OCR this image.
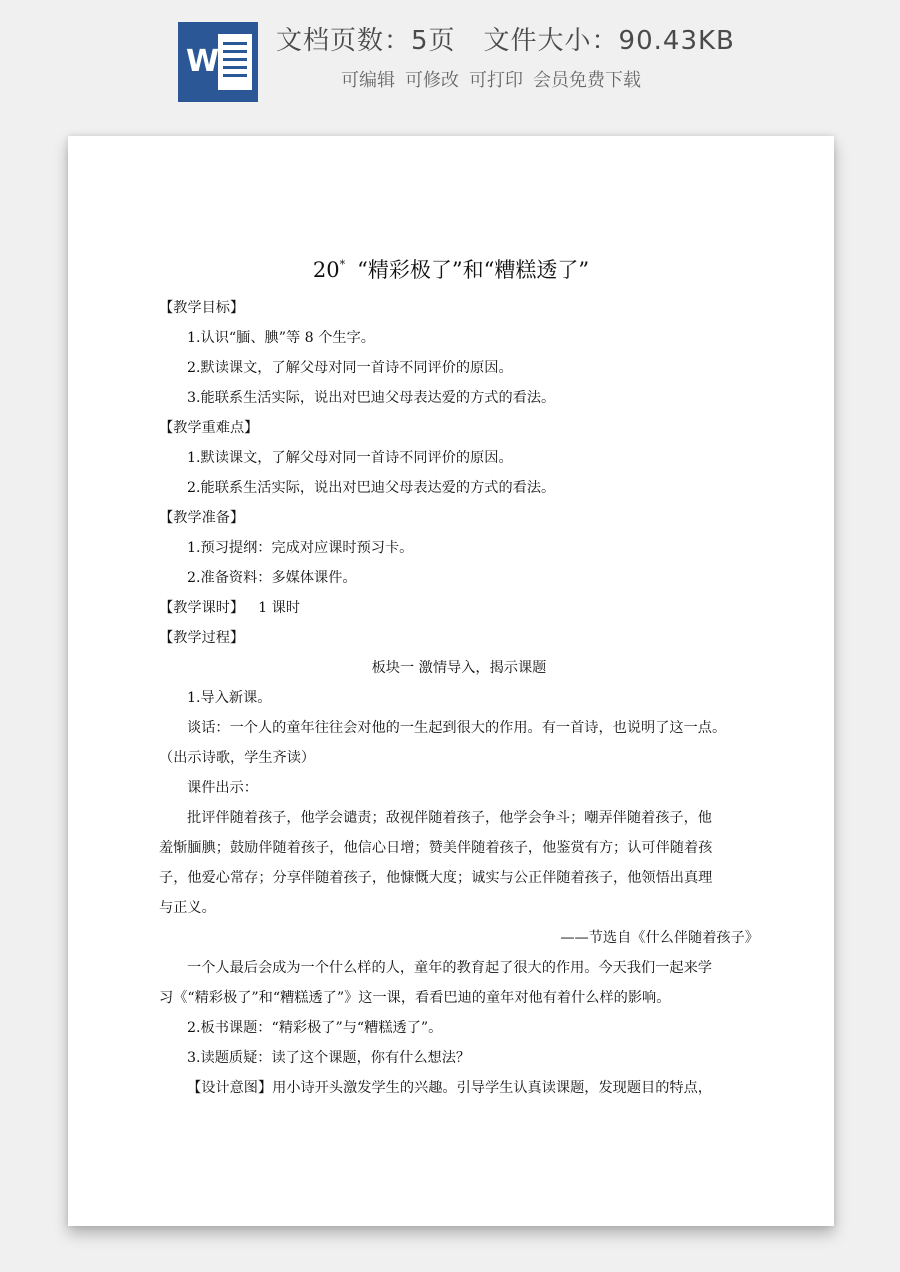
W
文档页数：5页 文件大小：90.43KB
可编辑 可修改 可打印 会员免费下载
20* “精彩极了”和“糟糕透了”

【教学目标】

1.认识“腼、腆”等 8 个生字。

2.默读课文，了解父母对同一首诗不同评价的原因。

3.能联系生活实际，说出对巴迪父母表达爱的方式的看法。

【教学重难点】

1.默读课文，了解父母对同一首诗不同评价的原因。

2.能联系生活实际，说出对巴迪父母表达爱的方式的看法。

【教学准备】

1.预习提纲：完成对应课时预习卡。

2.准备资料：多媒体课件。

【教学课时】 1 课时

【教学过程】

板块一 激情导入，揭示课题

1.导入新课。

谈话：一个人的童年往往会对他的一生起到很大的作用。有一首诗，也说明了这一点。

（出示诗歌，学生齐读）

课件出示：

批评伴随着孩子，他学会谴责；敌视伴随着孩子，他学会争斗；嘲弄伴随着孩子，他

羞惭腼腆；鼓励伴随着孩子，他信心日增；赞美伴随着孩子，他鉴赏有方；认可伴随着孩

子，他爱心常存；分享伴随着孩子，他慷慨大度；诚实与公正伴随着孩子，他领悟出真理

与正义。

——节选自《什么伴随着孩子》

一个人最后会成为一个什么样的人，童年的教育起了很大的作用。今天我们一起来学

习《“精彩极了”和“糟糕透了”》这一课，看看巴迪的童年对他有着什么样的影响。

2.板书课题：“精彩极了”与“糟糕透了”。

3.读题质疑：读了这个课题，你有什么想法？

【设计意图】用小诗开头激发学生的兴趣。引导学生认真读课题，发现题目的特点，
